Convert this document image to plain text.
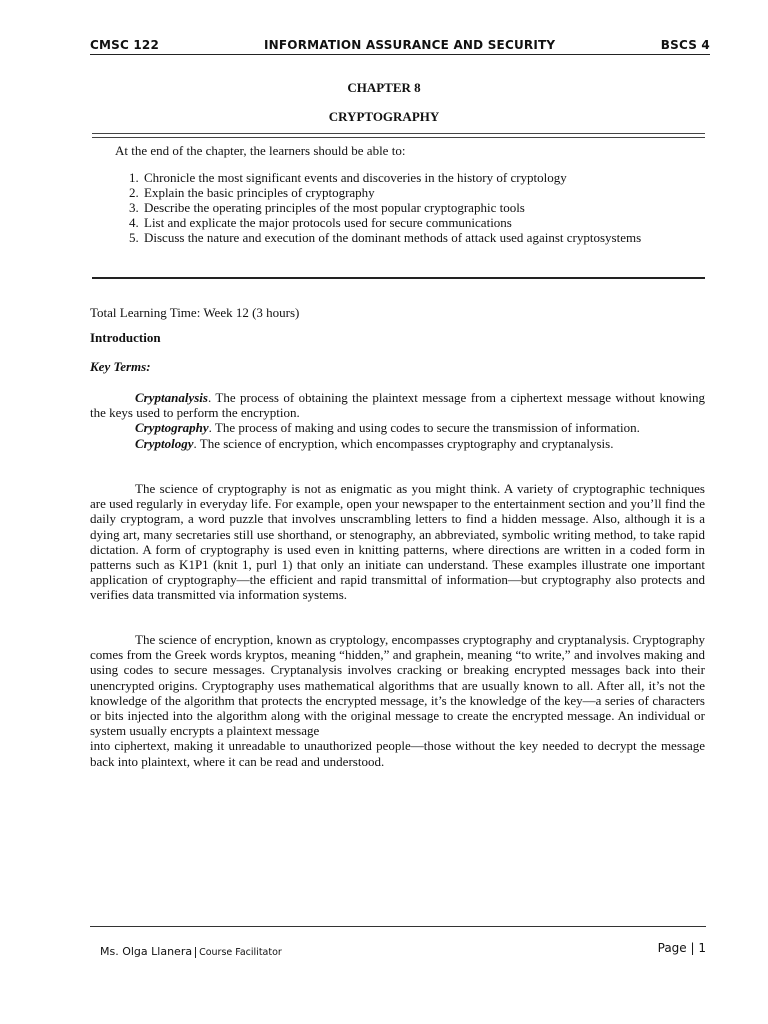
CMSC 122	INFORMATION ASSURANCE AND SECURITY	BSCS 4
CHAPTER 8
CRYPTOGRAPHY
At the end of the chapter, the learners should be able to:
1. Chronicle the most significant events and discoveries in the history of cryptology
2. Explain the basic principles of cryptography
3. Describe the operating principles of the most popular cryptographic tools
4. List and explicate the major protocols used for secure communications
5. Discuss the nature and execution of the dominant methods of attack used against cryptosystems
Total Learning Time: Week 12 (3 hours)
Introduction
Key Terms:
Cryptanalysis. The process of obtaining the plaintext message from a ciphertext message without knowing the keys used to perform the encryption.
Cryptography. The process of making and using codes to secure the transmission of information.
Cryptology. The science of encryption, which encompasses cryptography and cryptanalysis.
The science of cryptography is not as enigmatic as you might think. A variety of cryptographic techniques are used regularly in everyday life. For example, open your newspaper to the entertainment section and you’ll find the daily cryptogram, a word puzzle that involves unscrambling letters to find a hidden message. Also, although it is a dying art, many secretaries still use shorthand, or stenography, an abbreviated, symbolic writing method, to take rapid dictation. A form of cryptography is used even in knitting patterns, where directions are written in a coded form in patterns such as K1P1 (knit 1, purl 1) that only an initiate can understand. These examples illustrate one important application of cryptography—the efficient and rapid transmittal of information—but cryptography also protects and verifies data transmitted via information systems.
The science of encryption, known as cryptology, encompasses cryptography and cryptanalysis. Cryptography comes from the Greek words kryptos, meaning “hidden,” and graphein, meaning “to write,” and involves making and using codes to secure messages. Cryptanalysis involves cracking or breaking encrypted messages back into their unencrypted origins. Cryptography uses mathematical algorithms that are usually known to all. After all, it’s not the knowledge of the algorithm that protects the encrypted message, it’s the knowledge of the key—a series of characters or bits injected into the algorithm along with the original message to create the encrypted message. An individual or system usually encrypts a plaintext message
into ciphertext, making it unreadable to unauthorized people—those without the key needed to decrypt the message back into plaintext, where it can be read and understood.
Ms. Olga Llanera Course Facilitator	Page | 1
